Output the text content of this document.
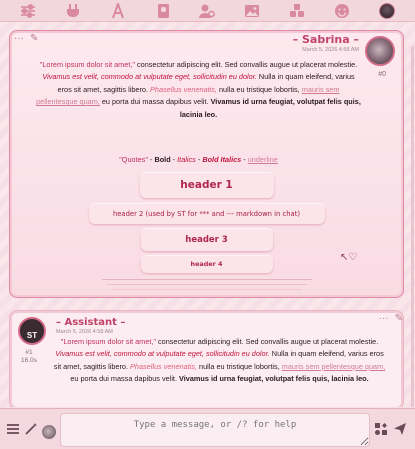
··· ✎	– Sabrina –
March 5, 2026 4:58 AM
#0
"Lorem ipsum dolor sit amet," consectetur adipiscing elit. Sed convallis augue ut placerat molestie. Vivamus est velit, commodo at vulputate eget, sollicitudin eu dolor. Nulla in quam eleifend, varius eros sit amet, sagittis libero. Phasellus venenatis, nulla eu tristique lobortis, mauris sem pellentesque quam, eu porta dui massa dapibus velit. Vivamus id urna feugiat, volutpat felis quis, lacinia leo.
"Quotes" - Bold - Italics - Bold Italics - underline
header 1
header 2 (used by ST for *** and --- markdown in chat)
header 3
header 4
↖♡
ST
– Assistant –
March 5, 2026 4:58 AM
··· ✎
#1
16.0s
"Lorem ipsum dolor sit amet," consectetur adipiscing elit. Sed convallis augue ut placerat molestie. Vivamus est velit, commodo at vulputate eget, sollicitudin eu dolor. Nulla in quam eleifend, varius eros sit amet, sagittis libero. Phasellus venenatis, nulla eu tristique lobortis, mauris sem pellentesque quam, eu porta dui massa dapibus velit. Vivamus id urna feugiat, volutpat felis quis, lacinia leo.
Type a message, or /? for help
